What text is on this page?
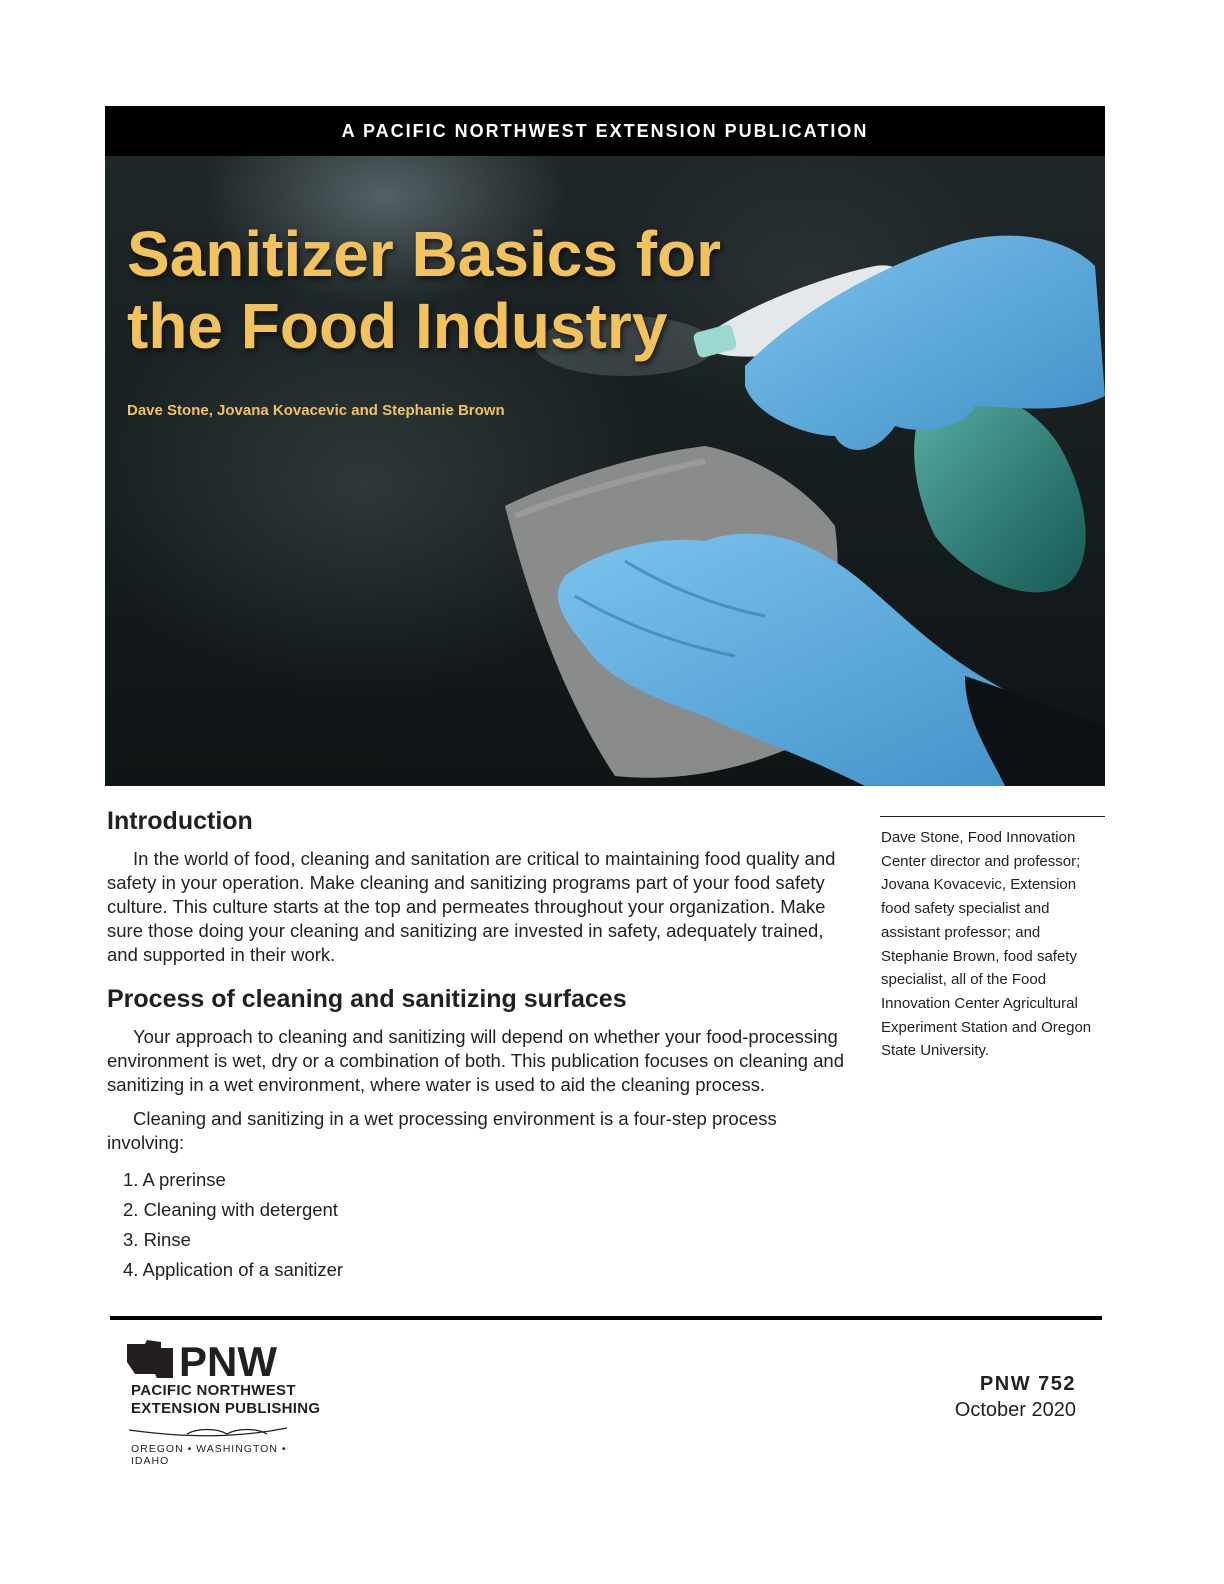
A PACIFIC NORTHWEST EXTENSION PUBLICATION
Sanitizer Basics for the Food Industry

Dave Stone, Jovana Kovacevic and Stephanie Brown

Introduction

In the world of food, cleaning and sanitation are critical to maintaining food quality and safety in your operation. Make cleaning and sanitizing programs part of your food safety culture. This culture starts at the top and permeates throughout your organization. Make sure those doing your cleaning and sanitizing are invested in safety, adequately trained, and supported in their work.

Process of cleaning and sanitizing surfaces

Your approach to cleaning and sanitizing will depend on whether your food-processing environment is wet, dry or a combination of both. This publication focuses on cleaning and sanitizing in a wet environment, where water is used to aid the cleaning process.

Cleaning and sanitizing in a wet processing environment is a four-step process involving:

1. A prerinse
2. Cleaning with detergent
3. Rinse
4. Application of a sanitizer

Dave Stone, Food Innovation Center director and professor; Jovana Kovacevic, Extension food safety specialist and assistant professor; and Stephanie Brown, food safety specialist, all of the Food Innovation Center Agricultural Experiment Station and Oregon State University.

PNW

PACIFIC NORTHWEST

EXTENSION PUBLISHING

OREGON • WASHINGTON • IDAHO

PNW 752

October 2020
